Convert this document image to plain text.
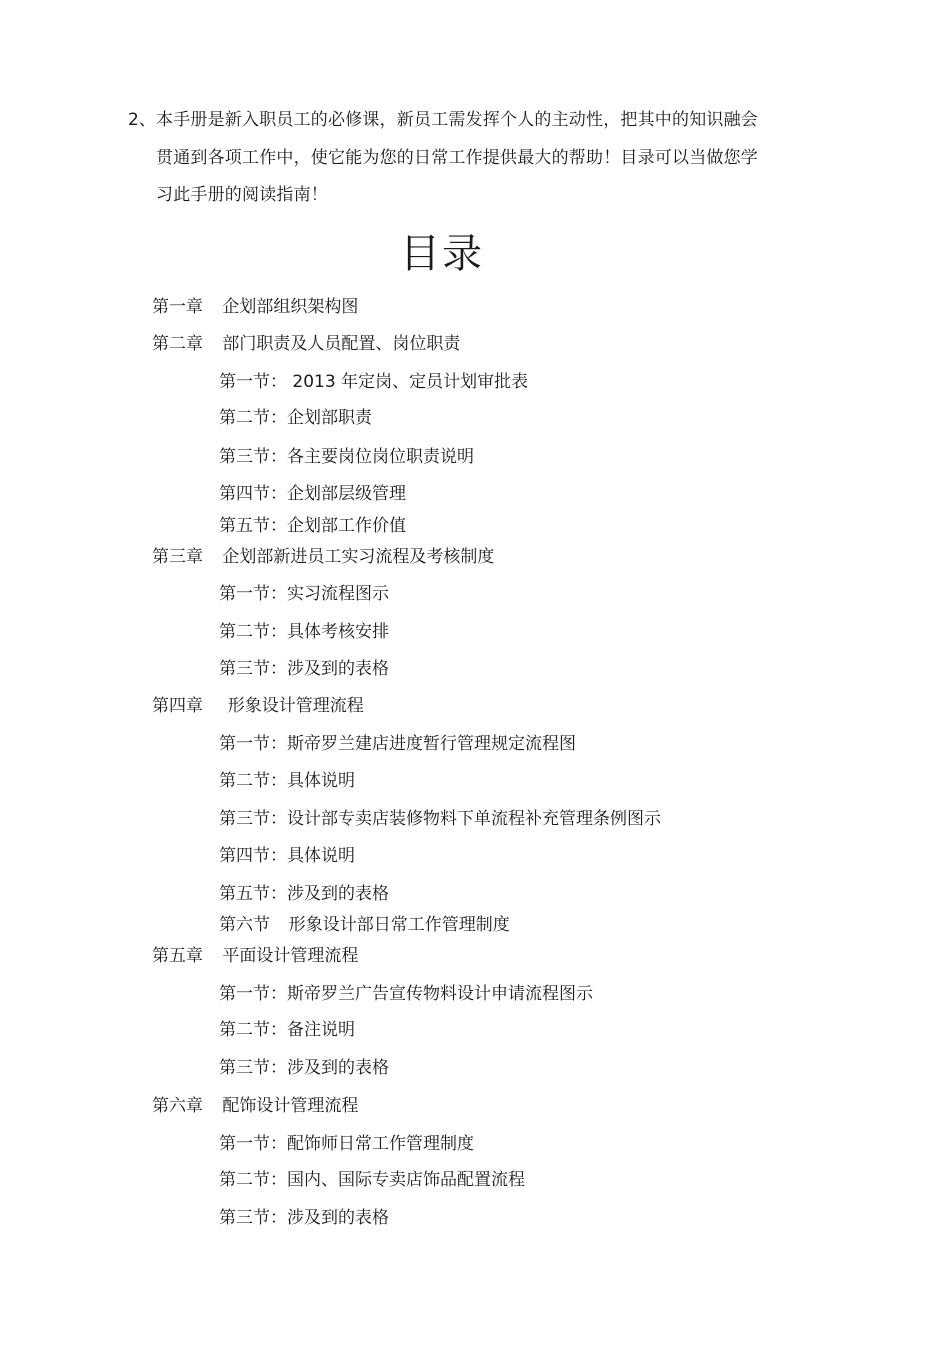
2、 本手册是新入职员工的必修课，新员工需发挥个人的主动性，把其中的知识融会
贯通到各项工作中，使它能为您的日常工作提供最大的帮助！目录可以当做您学
习此手册的阅读指南！
目录
第一章 企划部组织架构图
第二章 部门职责及人员配置、岗位职责
第一节： 2013 年定岗、定员计划审批表
第二节：企划部职责
第三节：各主要岗位岗位职责说明
第四节：企划部层级管理
第五节：企划部工作价值
第三章 企划部新进员工实习流程及考核制度
第一节：实习流程图示
第二节：具体考核安排
第三节：涉及到的表格
第四章  形象设计管理流程
第一节：斯帝罗兰建店进度暂行管理规定流程图
第二节：具体说明
第三节：设计部专卖店装修物料下单流程补充管理条例图示
第四节：具体说明
第五节：涉及到的表格
第六节  形象设计部日常工作管理制度
第五章 平面设计管理流程
第一节：斯帝罗兰广告宣传物料设计申请流程图示
第二节：备注说明
第三节：涉及到的表格
第六章 配饰设计管理流程
第一节：配饰师日常工作管理制度
第二节：国内、国际专卖店饰品配置流程
第三节：涉及到的表格
